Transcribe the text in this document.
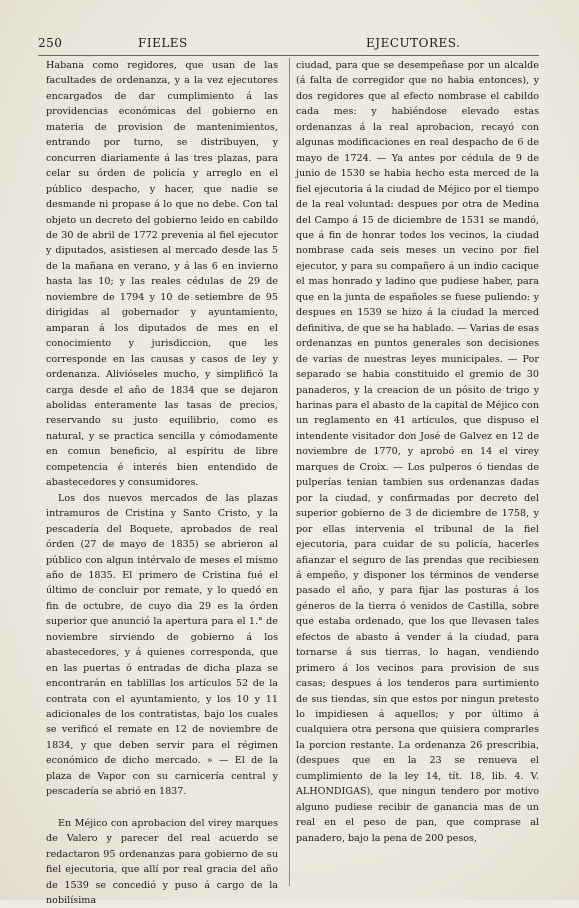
250	FIELES	EJECUTORES.

Habana como regidores, que usan de las facultades de ordenanza, y a la vez ejecutores encargados de dar cumplimiento á las providencias económicas del gobierno en materia de provision de mantenimientos, entrando por turno, se distribuyen, y concurren diariamente á las tres plazas, para celar su órden de policía y arreglo en el público despacho, y hacer, que nadie se desmande ni propase á lo que no debe. Con tal objeto un decreto del gobierno leido en cabildo de 30 de abril de 1772 prevenia al fiel ejecutor y diputados, asistiesen al mercado desde las 5 de la mañana en verano, y á las 6 en invierno hasta las 10; y las reales cédulas de 29 de noviembre de 1794 y 10 de setiembre de 95 dirigidas al gobernador y ayuntamiento, amparan á los diputados de mes en el conocimiento y jurisdiccion, que les corresponde en las causas y casos de ley y ordenanza. Alivióseles mucho, y simplificó la carga desde el año de 1834 que se dejaron abolidas enteramente las tasas de precios, reservando su justo equilibrio, como es natural, y se practica sencilla y cómodamente en comun beneficio, al espíritu de libre competencia é interés bien entendido de abastecedores y consumidores.

Los dos nuevos mercados de las plazas intramuros de Cristina y Santo Cristo, y la pescadería del Boquete, aprobados de real órden (27 de mayo de 1835) se abrieron al público con algun intérvalo de meses el mismo año de 1835. El primero de Cristina fué el último de concluir por remate, y lo quedó en fin de octubre, de cuyo dia 29 es la órden superior que anunció la apertura para el 1.° de noviembre sirviendo de gobierno á los abastecedores, y á quienes corresponda, que en las puertas ó entradas de dicha plaza se encontrarán en tablillas los artículos 52 de la contrata con el ayuntamiento, y los 10 y 11 adicionales de los contratistas, bajo los cuales se verificó el remate en 12 de noviembre de 1834, y que deben servir para el régimen económico de dicho mercado. » — El de la plaza de Vapor con su carnicería central y pescadería se abrió en 1837.

En Méjico con aprobacion del virey marques de Valero y parecer del real acuerdo se redactaron 95 ordenanzas para gobierno de su fiel ejecutoria, que allí por real gracia del año de 1539 se concedió y puso á cargo de la nobilísima

ciudad, para que se desempeñase por un alcalde (á falta de corregidor que no habia entonces), y dos regidores que al efecto nombrase el cabildo cada mes: y habiéndose elevado estas ordenanzas á la real aprobacion, recayó con algunas modificaciones en real despacho de 6 de mayo de 1724. — Ya antes por cédula de 9 de junio de 1530 se habia hecho esta merced de la fiel ejecutoria á la ciudad de Méjico por el tiempo de la real voluntad: despues por otra de Medina del Campo á 15 de diciembre de 1531 se mandó, que á fin de honrar todos los vecinos, la ciudad nombrase cada seis meses un vecino por fiel ejecutor, y para su compañero á un indio cacique el mas honrado y ladino que pudiese haber, para que en la junta de españoles se fuese puliendo: y despues en 1539 se hizo á la ciudad la merced definitiva, de que se ha hablado. — Varias de esas ordenanzas en puntos generales son decisiones de varias de nuestras leyes municipales. — Por separado se habia constituido el gremio de 30 panaderos, y la creacion de un pósito de trigo y harinas para el abasto de la capital de Méjico con un reglamento en 41 artículos, que dispuso el intendente visitador don José de Galvez en 12 de noviembre de 1770, y aprobó en 14 el virey marques de Croix. — Los pulperos ó tiendas de pulperías tenian tambien sus ordenanzas dadas por la ciudad, y confirmadas por decreto del superior gobierno de 3 de diciembre de 1758, y por ellas intervenia el tribunal de la fiel ejecutoria, para cuidar de su policía, hacerles afianzar el seguro de las prendas que recibiesen á empeño, y disponer los términos de venderse pasado el año, y para fijar las posturas á los géneros de la tierra ó venidos de Castilla, sobre que estaba ordenado, que los que llevasen tales efectos de abasto á vender á la ciudad, para tornarse á sus tierras, lo hagan, vendiendo primero á los vecinos para provision de sus casas; despues á los tenderos para surtimiento de sus tiendas, sin que estos por ningun pretesto lo impidiesen á aquellos; y por último á cualquiera otra persona que quisiera comprarles la porcion restante. La ordenanza 26 prescribia, (despues que en la 23 se renueva el cumplimiento de la ley 14, tít. 18, lib. 4. V. ALHONDIGAS), que ningun tendero por motivo alguno pudiese recibir de ganancia mas de un real en el peso de pan, que comprase al panadero, bajo la pena de 200 pesos,
